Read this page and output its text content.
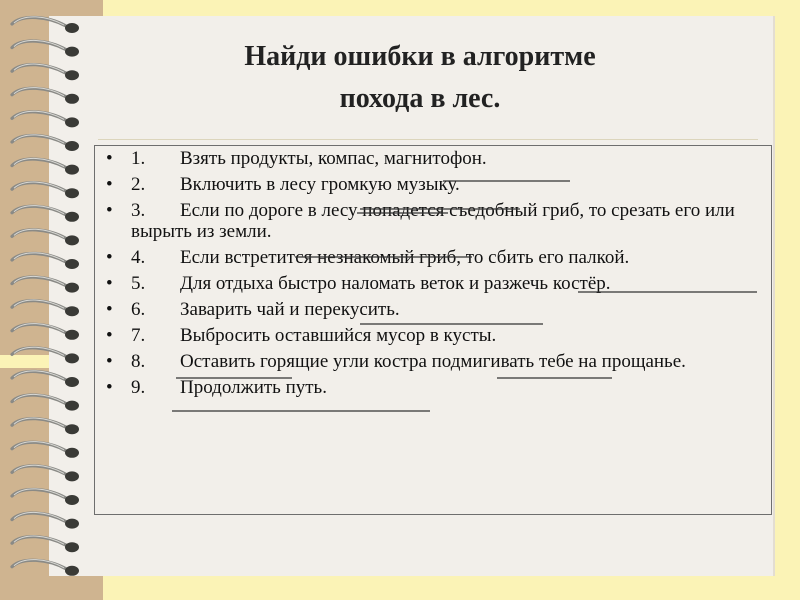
Найди ошибки в алгоритме
похода в лес.
• 1. Взять продукты, компас, магнитофон.
• 2. Включить в лесу громкую музыку.
• 3. Если по дороге в лесу попадется съедобный гриб, то срезать его или вырыть из земли.
• 4. Если встретится незнакомый гриб, то сбить его палкой.
• 5. Для отдыха быстро наломать веток и разжечь костёр.
• 6. Заварить чай и перекусить.
• 7. Выбросить оставшийся мусор в кусты.
• 8. Оставить горящие угли костра подмигивать тебе на прощанье.
• 9. Продолжить путь.
